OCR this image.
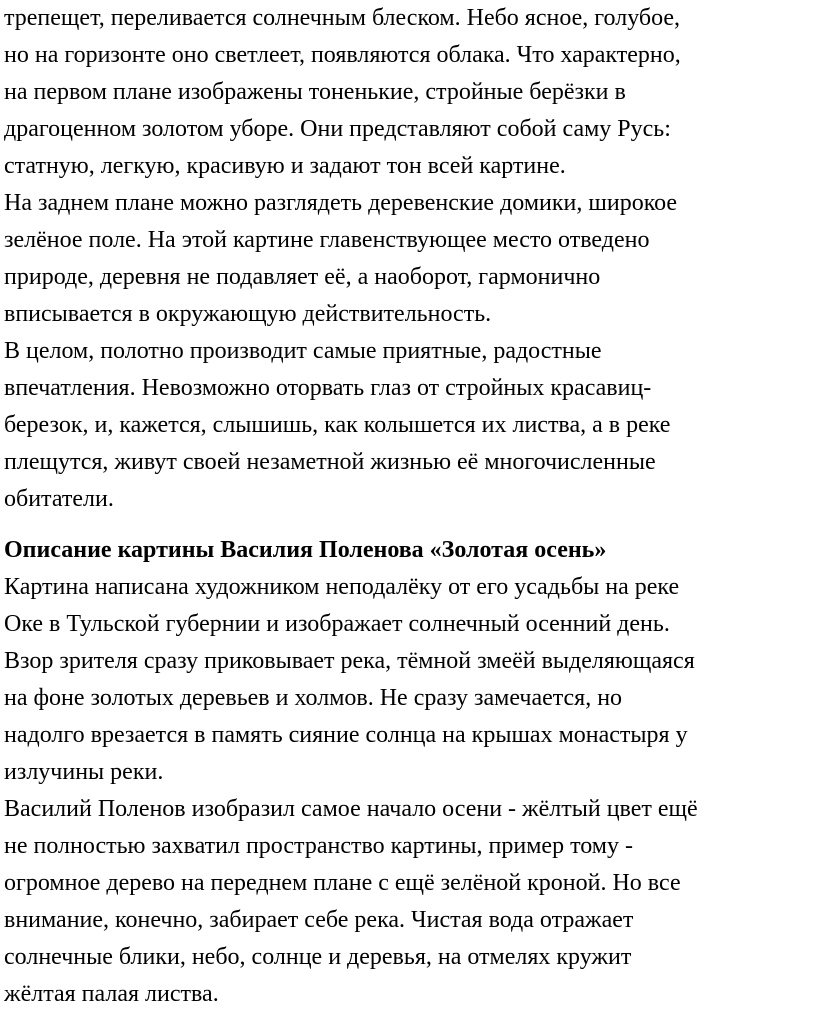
трепещет, переливается солнечным блеском. Небо ясное, голубое,
но на горизонте оно светлеет, появляются облака. Что характерно,
на первом плане изображены тоненькие, стройные берёзки в
драгоценном золотом уборе. Они представляют собой саму Русь:
статную, легкую, красивую и задают тон всей картине.

На заднем плане можно разглядеть деревенские домики, широкое
зелёное поле. На этой картине главенствующее место отведено
природе, деревня не подавляет её, а наоборот, гармонично
вписывается в окружающую действительность.

В целом, полотно производит самые приятные, радостные
впечатления. Невозможно оторвать глаз от стройных красавиц-
березок, и, кажется, слышишь, как колышется их листва, а в реке
плещутся, живут своей незаметной жизнью её многочисленные
обитатели.

Описание картины Василия Поленова «Золотая осень»

Картина написана художником неподалёку от его усадьбы на реке
Оке в Тульской губернии и изображает солнечный осенний день.
Взор зрителя сразу приковывает река, тёмной змеёй выделяющаяся
на фоне золотых деревьев и холмов. Не сразу замечается, но
надолго врезается в память сияние солнца на крышах монастыря у
излучины реки.

Василий Поленов изобразил самое начало осени - жёлтый цвет ещё
не полностью захватил пространство картины, пример тому -
огромное дерево на переднем плане с ещё зелёной кроной. Но все
внимание, конечно, забирает себе река. Чистая вода отражает
солнечные блики, небо, солнце и деревья, на отмелях кружит
жёлтая палая листва.
